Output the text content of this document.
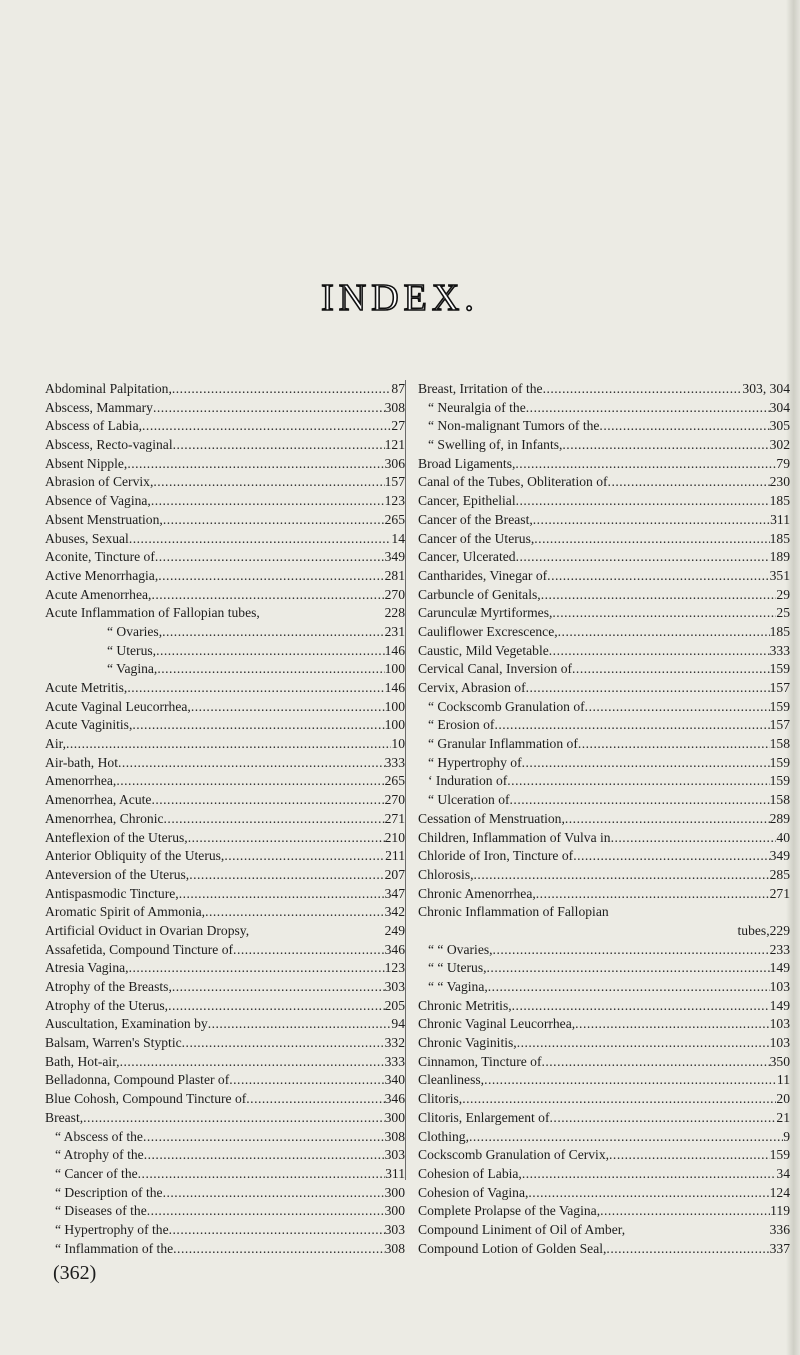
INDEX.
Abdominal Palpitation, .....	87
Abscess, Mammary .....	308
Abscess of Labia, .....	27
Abscess, Recto-vaginal .....	121
Absent Nipple, .....	306
Abrasion of Cervix, .....	157
Absence of Vagina, .....	123
Absent Menstruation, .....	265
Abuses, Sexual .....	14
Aconite, Tincture of .....	349
Active Menorrhagia, .....	281
Acute Amenorrhea, .....	270
Acute Inflammation of Fallopian tubes,	228
“ Ovaries, .....	231
“ Uterus, .....	146
“ Vagina, .....	100
Acute Metritis, .....	146
Acute Vaginal Leucorrhea, .....	100
Acute Vaginitis, .....	100
Air, .....	10
Air-bath, Hot .....	333
Amenorrhea, .....	265
Amenorrhea, Acute .....	270
Amenorrhea, Chronic .....	271
Anteflexion of the Uterus, .....	210
Anterior Obliquity of the Uterus, .....	211
Anteversion of the Uterus, .....	207
Antispasmodic Tincture, .....	347
Aromatic Spirit of Ammonia, .....	342
Artificial Oviduct in Ovarian Dropsy,	249
Assafetida, Compound Tincture of .....	346
Atresia Vagina, .....	123
Atrophy of the Breasts, .....	303
Atrophy of the Uterus, .....	205
Auscultation, Examination by .....	94
Balsam, Warren's Styptic .....	332
Bath, Hot-air, .....	333
Belladonna, Compound Plaster of .....	340
Blue Cohosh, Compound Tincture of .....	346
Breast, .....	300
“ Abscess of the .....	308
“ Atrophy of the .....	303
“ Cancer of the .....	311
“ Description of the .....	300
“ Diseases of the .....	300
“ Hypertrophy of the .....	303
“ Inflammation of the .....	308
(362)
Breast, Irritation of the .....	303, 304
“ Neuralgia of the .....	304
“ Non-malignant Tumors of the .....	305
“ Swelling of, in Infants, .....	302
Broad Ligaments, .....	79
Canal of the Tubes, Obliteration of .....	230
Cancer, Epithelial .....	185
Cancer of the Breast, .....	311
Cancer of the Uterus, .....	185
Cancer, Ulcerated .....	189
Cantharides, Vinegar of .....	351
Carbuncle of Genitals, .....	29
Carunculæ Myrtiformes, .....	25
Cauliflower Excrescence, .....	185
Caustic, Mild Vegetable .....	333
Cervical Canal, Inversion of .....	159
Cervix, Abrasion of .....	157
“ Cockscomb Granulation of .....	159
“ Erosion of .....	157
“ Granular Inflammation of .....	158
“ Hypertrophy of .....	159
‘ Induration of .....	159
“ Ulceration of .....	158
Cessation of Menstruation, .....	289
Children, Inflammation of Vulva in .....	40
Chloride of Iron, Tincture of .....	349
Chlorosis, .....	285
Chronic Amenorrhea, .....	271
Chronic Inflammation of Fallopian
tubes, 229
“ “ Ovaries, .....	233
“ “ Uterus, .....	149
“ “ Vagina, .....	103
Chronic Metritis, .....	149
Chronic Vaginal Leucorrhea, .....	103
Chronic Vaginitis, .....	103
Cinnamon, Tincture of .....	350
Cleanliness, .....	11
Clitoris, .....	20
Clitoris, Enlargement of .....	21
Clothing, .....	9
Cockscomb Granulation of Cervix, .....	159
Cohesion of Labia, .....	34
Cohesion of Vagina, .....	124
Complete Prolapse of the Vagina, .....	119
Compound Liniment of Oil of Amber,	336
Compound Lotion of Golden Seal, .....	337
